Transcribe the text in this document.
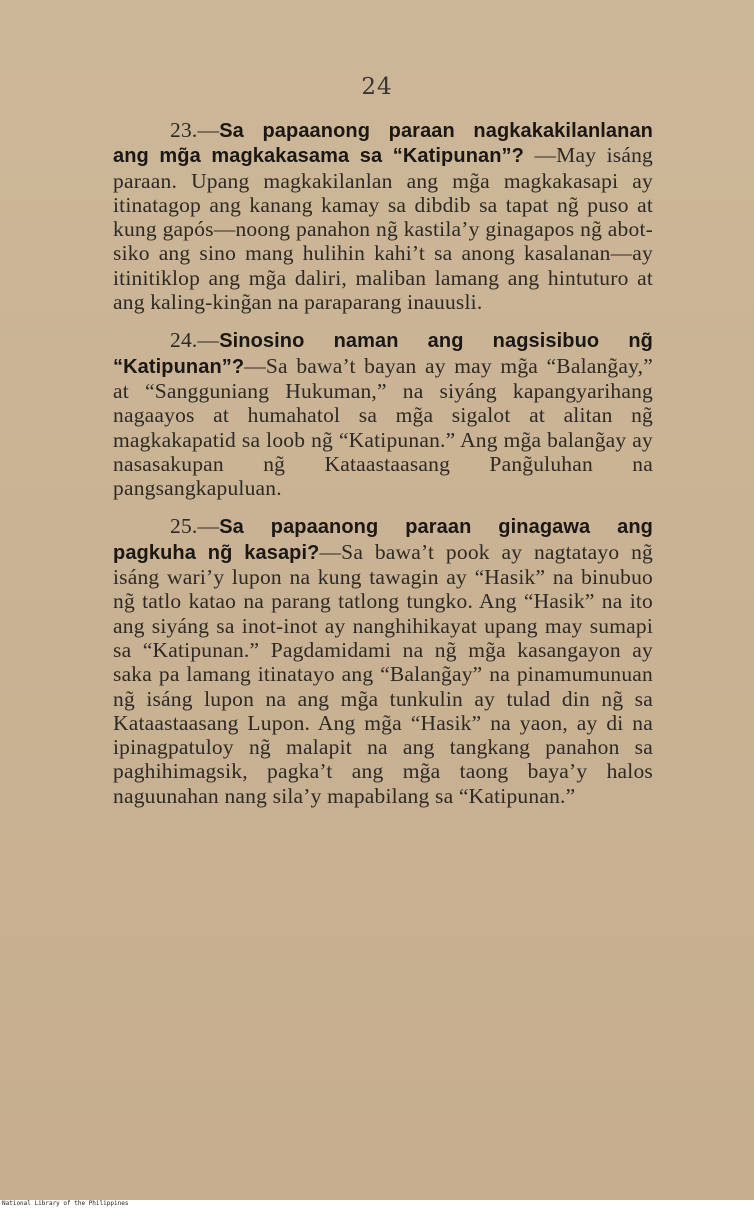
24

23.—Sa papaanong paraan nagkakakilanlanan ang mg̃a magkakasama sa “Katipunan”? —May isáng paraan. Upang magkakilanlan ang mg̃a magkakasapi ay itinatagop ang kanang kamay sa dibdib sa tapat ng̃ puso at kung gapós—noong panahon ng̃ kastila’y ginagapos ng̃ abot-siko ang sino mang hulihin kahi’t sa anong kasalanan—ay itinitiklop ang mg̃a daliri, maliban lamang ang hintuturo at ang kaling-king̃an na paraparang inauusli.

24.—Sinosino naman ang nagsisibuo ng̃ “Katipunan”?—Sa bawa’t bayan ay may mg̃a “Balang̃ay,” at “Sangguniang Hukuman,” na siyáng kapangyarihang nagaayos at humahatol sa mg̃a sigalot at alitan ng̃ magkakapatid sa loob ng̃ “Katipunan.” Ang mg̃a balang̃ay ay nasasakupan ng̃ Kataastaasang Pang̃uluhan na pangsangkapuluan.

25.—Sa papaanong paraan ginagawa ang pagkuha ng̃ kasapi?—Sa bawa’t pook ay nagtatayo ng̃ isáng wari’y lupon na kung tawagin ay “Hasik” na binubuo ng̃ tatlo katao na parang tatlong tungko. Ang “Hasik” na ito ang siyáng sa inot-inot ay nanghihikayat upang may sumapi sa “Katipunan.” Pagdamidami na ng̃ mg̃a kasangayon ay saka pa lamang itinatayo ang “Balang̃ay” na pinamumunuan ng̃ isáng lupon na ang mg̃a tunkulin ay tulad din ng̃ sa Kataastaasang Lupon. Ang mg̃a “Hasik” na yaon, ay di na ipinagpatuloy ng̃ malapit na ang tangkang panahon sa paghihimagsik, pagka’t ang mg̃a taong baya’y halos naguunahan nang sila’y mapabilang sa “Katipunan.”

National Library of the Philippines
